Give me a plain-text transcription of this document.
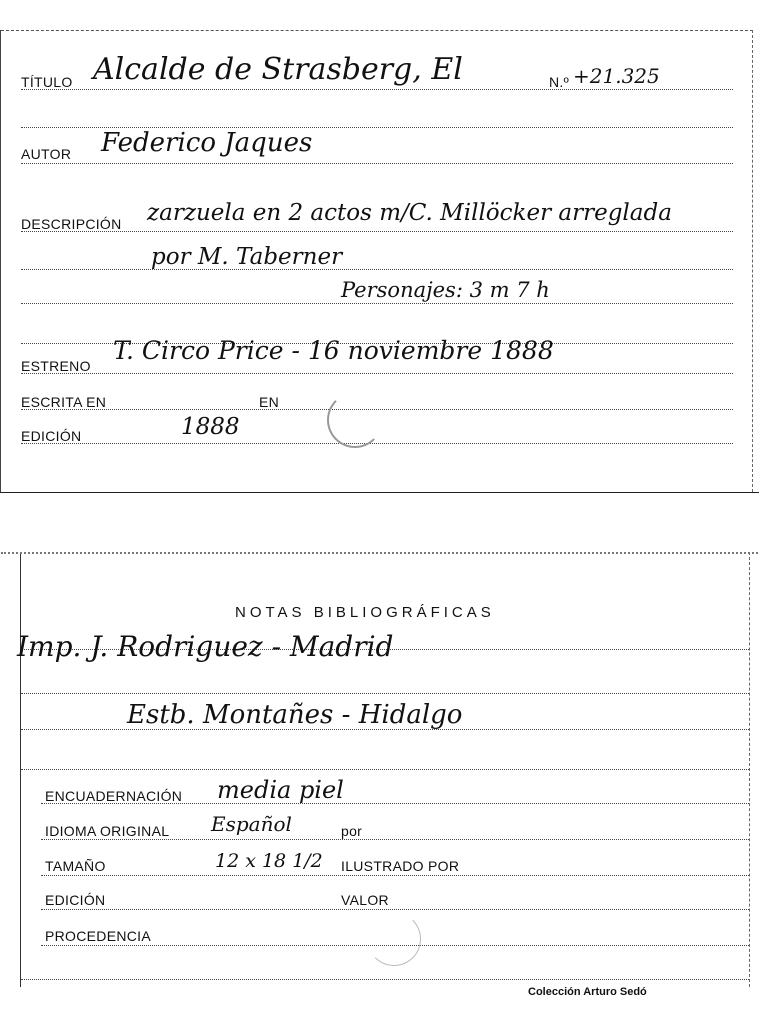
TÍTULO Alcalde de Strasberg, El	N.º +21.325
AUTOR Federico Jaques
DESCRIPCIÓN zarzuela en 2 actos m/C. Millöcker arreglada
por M. Taberner
Personajes: 3 m 7 h
ESTRENO
T. Circo Price - 16 noviembre 1888
ESCRITA EN	EN
EDICIÓN	1888
NOTAS BIBLIOGRÁFICAS
Imp. J. Rodriguez - Madrid
Estb. Montañes - Hidalgo
ENCUADERNACIÓN media piel
IDIOMA ORIGINAL Español	por
TAMAÑO	12 x 18 1/2 ILUSTRADO POR
EDICIÓN	VALOR
PROCEDENCIA
Colección Arturo Sedó
